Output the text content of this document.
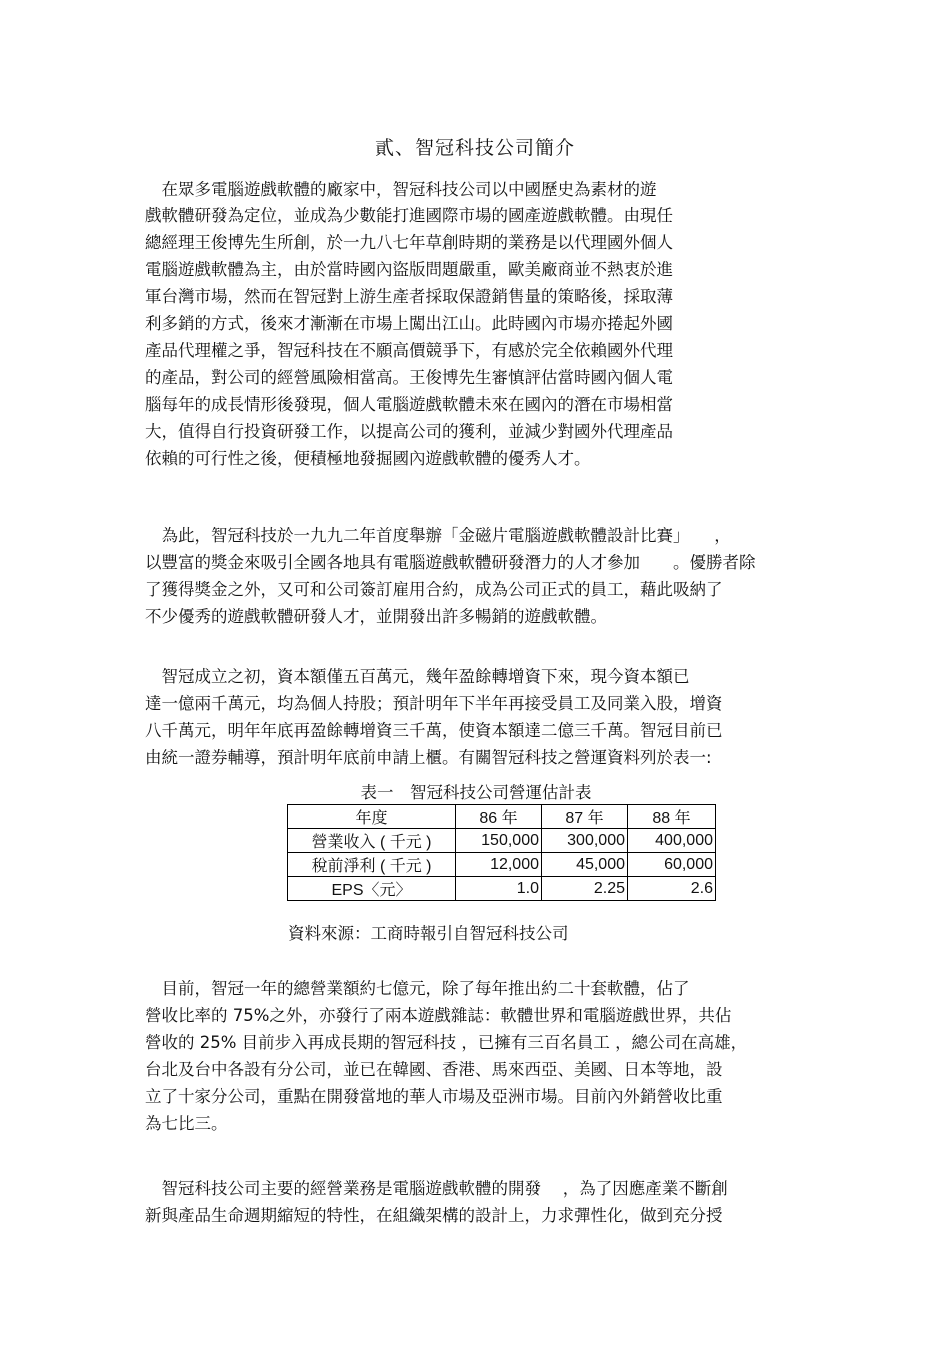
貳、智冠科技公司簡介
　在眾多電腦遊戲軟體的廠家中，智冠科技公司以中國歷史為素材的遊
戲軟體研發為定位，並成為少數能打進國際市場的國產遊戲軟體。由現任
總經理王俊博先生所創，於一九八七年草創時期的業務是以代理國外個人
電腦遊戲軟體為主，由於當時國內盜版問題嚴重，歐美廠商並不熱衷於進
軍台灣市場，然而在智冠對上游生產者採取保證銷售量的策略後，採取薄
利多銷的方式，後來才漸漸在市場上闖出江山。此時國內市場亦捲起外國
產品代理權之爭，智冠科技在不願高價競爭下，有感於完全依賴國外代理
的產品，對公司的經營風險相當高。王俊博先生審慎評估當時國內個人電
腦每年的成長情形後發現，個人電腦遊戲軟體未來在國內的潛在市場相當
大，值得自行投資研發工作，以提高公司的獲利，並減少對國外代理產品
依賴的可行性之後，便積極地發掘國內遊戲軟體的優秀人才。
　為此，智冠科技於一九九二年首度舉辦「金磁片電腦遊戲軟體設計比賽」　　，
以豐富的獎金來吸引全國各地具有電腦遊戲軟體研發潛力的人才參加　　。優勝者除
了獲得獎金之外，又可和公司簽訂雇用合約，成為公司正式的員工，藉此吸納了
不少優秀的遊戲軟體研發人才，並開發出許多暢銷的遊戲軟體。
　智冠成立之初，資本額僅五百萬元，幾年盈餘轉增資下來，現今資本額已
達一億兩千萬元，均為個人持股；預計明年下半年再接受員工及同業入股，增資
八千萬元，明年年底再盈餘轉增資三千萬，使資本額達二億三千萬。智冠目前已
由統一證券輔導，預計明年底前申請上櫃。有關智冠科技之營運資料列於表一:
表一　智冠科技公司營運估計表
年度	86 年	87 年	88 年
營業收入 ( 千元 )	150,000	300,000	400,000
稅前淨利 ( 千元 )	12,000	45,000	60,000
EPS〈元〉	1.0	2.25	2.6
資料來源：工商時報引自智冠科技公司
　目前，智冠一年的總營業額約七億元，除了每年推出約二十套軟體，佔了
營收比率的 75%之外，亦發行了兩本遊戲雜誌：軟體世界和電腦遊戲世界，共佔
營收的 25% 目前步入再成長期的智冠科技 ，已擁有三百名員工 ，總公司在高雄，
台北及台中各設有分公司，並已在韓國、香港、馬來西亞、美國、日本等地，設
立了十家分公司，重點在開發當地的華人市場及亞洲市場。目前內外銷營收比重
為七比三。
　智冠科技公司主要的經營業務是電腦遊戲軟體的開發　 ，為了因應產業不斷創
新與產品生命週期縮短的特性，在組織架構的設計上，力求彈性化，做到充分授
